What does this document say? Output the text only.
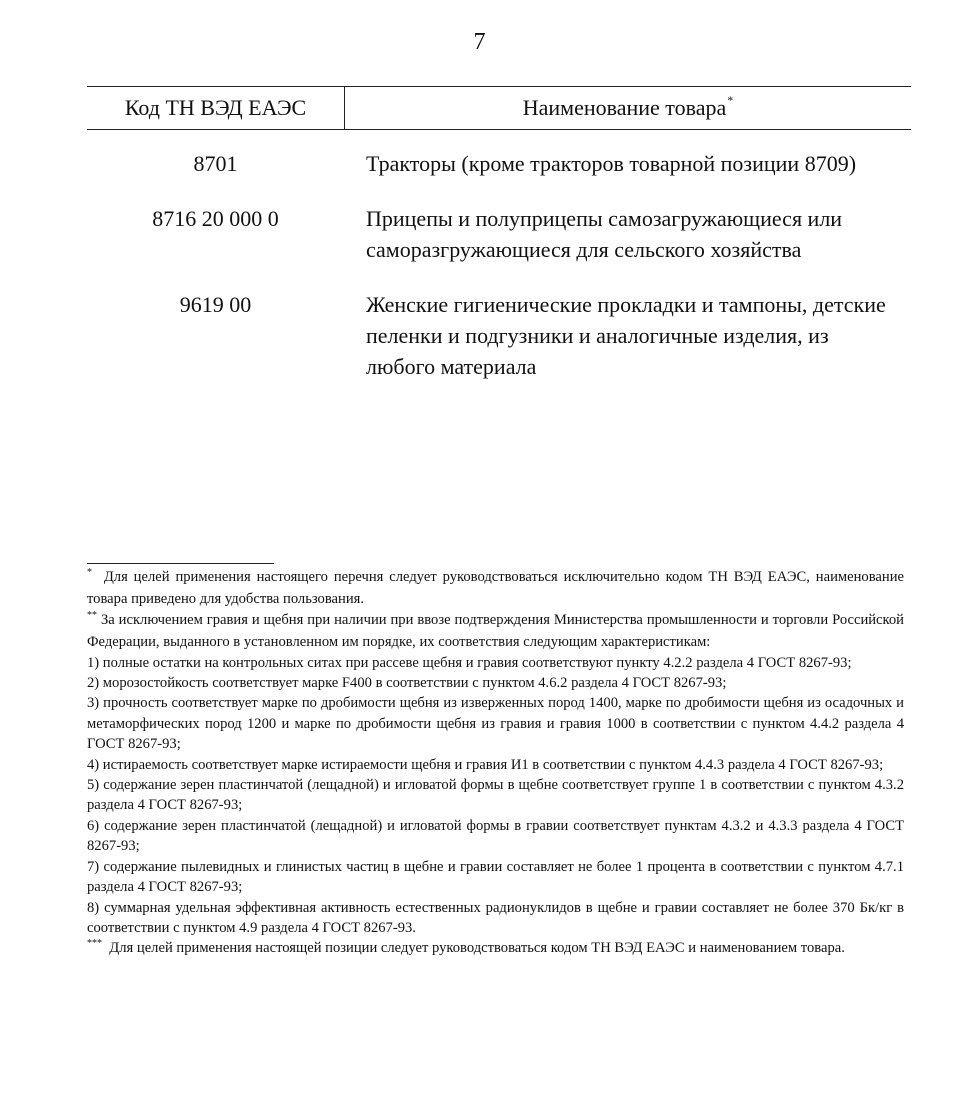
7
Код ТН ВЭД ЕАЭС	Наименование товара*
8701	Тракторы (кроме тракторов товарной позиции 8709)
8716 20 000 0	Прицепы и полуприцепы самозагружающиеся или саморазгружающиеся для сельского хозяйства
9619 00	Женские гигиенические прокладки и тампоны, детские пеленки и подгузники и аналогичные изделия, из любого материала

* Для целей применения настоящего перечня следует руководствоваться исключительно кодом ТН ВЭД ЕАЭС, наименование товара приведено для удобства пользования.

** За исключением гравия и щебня при наличии при ввозе подтверждения Министерства промышленности и торговли Российской Федерации, выданного в установленном им порядке, их соответствия следующим характеристикам:

1) полные остатки на контрольных ситах при рассеве щебня и гравия соответствуют пункту 4.2.2 раздела 4 ГОСТ 8267-93;

2) морозостойкость соответствует марке F400 в соответствии с пунктом 4.6.2 раздела 4 ГОСТ 8267-93;

3) прочность соответствует марке по дробимости щебня из изверженных пород 1400, марке по дробимости щебня из осадочных и метаморфических пород 1200 и марке по дробимости щебня из гравия и гравия 1000 в соответствии с пунктом 4.4.2 раздела 4 ГОСТ 8267-93;

4) истираемость соответствует марке истираемости щебня и гравия И1 в соответствии с пунктом 4.4.3 раздела 4 ГОСТ 8267-93;

5) содержание зерен пластинчатой (лещадной) и игловатой формы в щебне соответствует группе 1 в соответствии с пунктом 4.3.2 раздела 4 ГОСТ 8267-93;

6) содержание зерен пластинчатой (лещадной) и игловатой формы в гравии соответствует пунктам 4.3.2 и 4.3.3 раздела 4 ГОСТ 8267-93;

7) содержание пылевидных и глинистых частиц в щебне и гравии составляет не более 1 процента в соответствии с пунктом 4.7.1 раздела 4 ГОСТ 8267-93;

8) суммарная удельная эффективная активность естественных радионуклидов в щебне и гравии составляет не более 370 Бк/кг в соответствии с пунктом 4.9 раздела 4 ГОСТ 8267-93.

*** Для целей применения настоящей позиции следует руководствоваться кодом ТН ВЭД ЕАЭС и наименованием товара.
